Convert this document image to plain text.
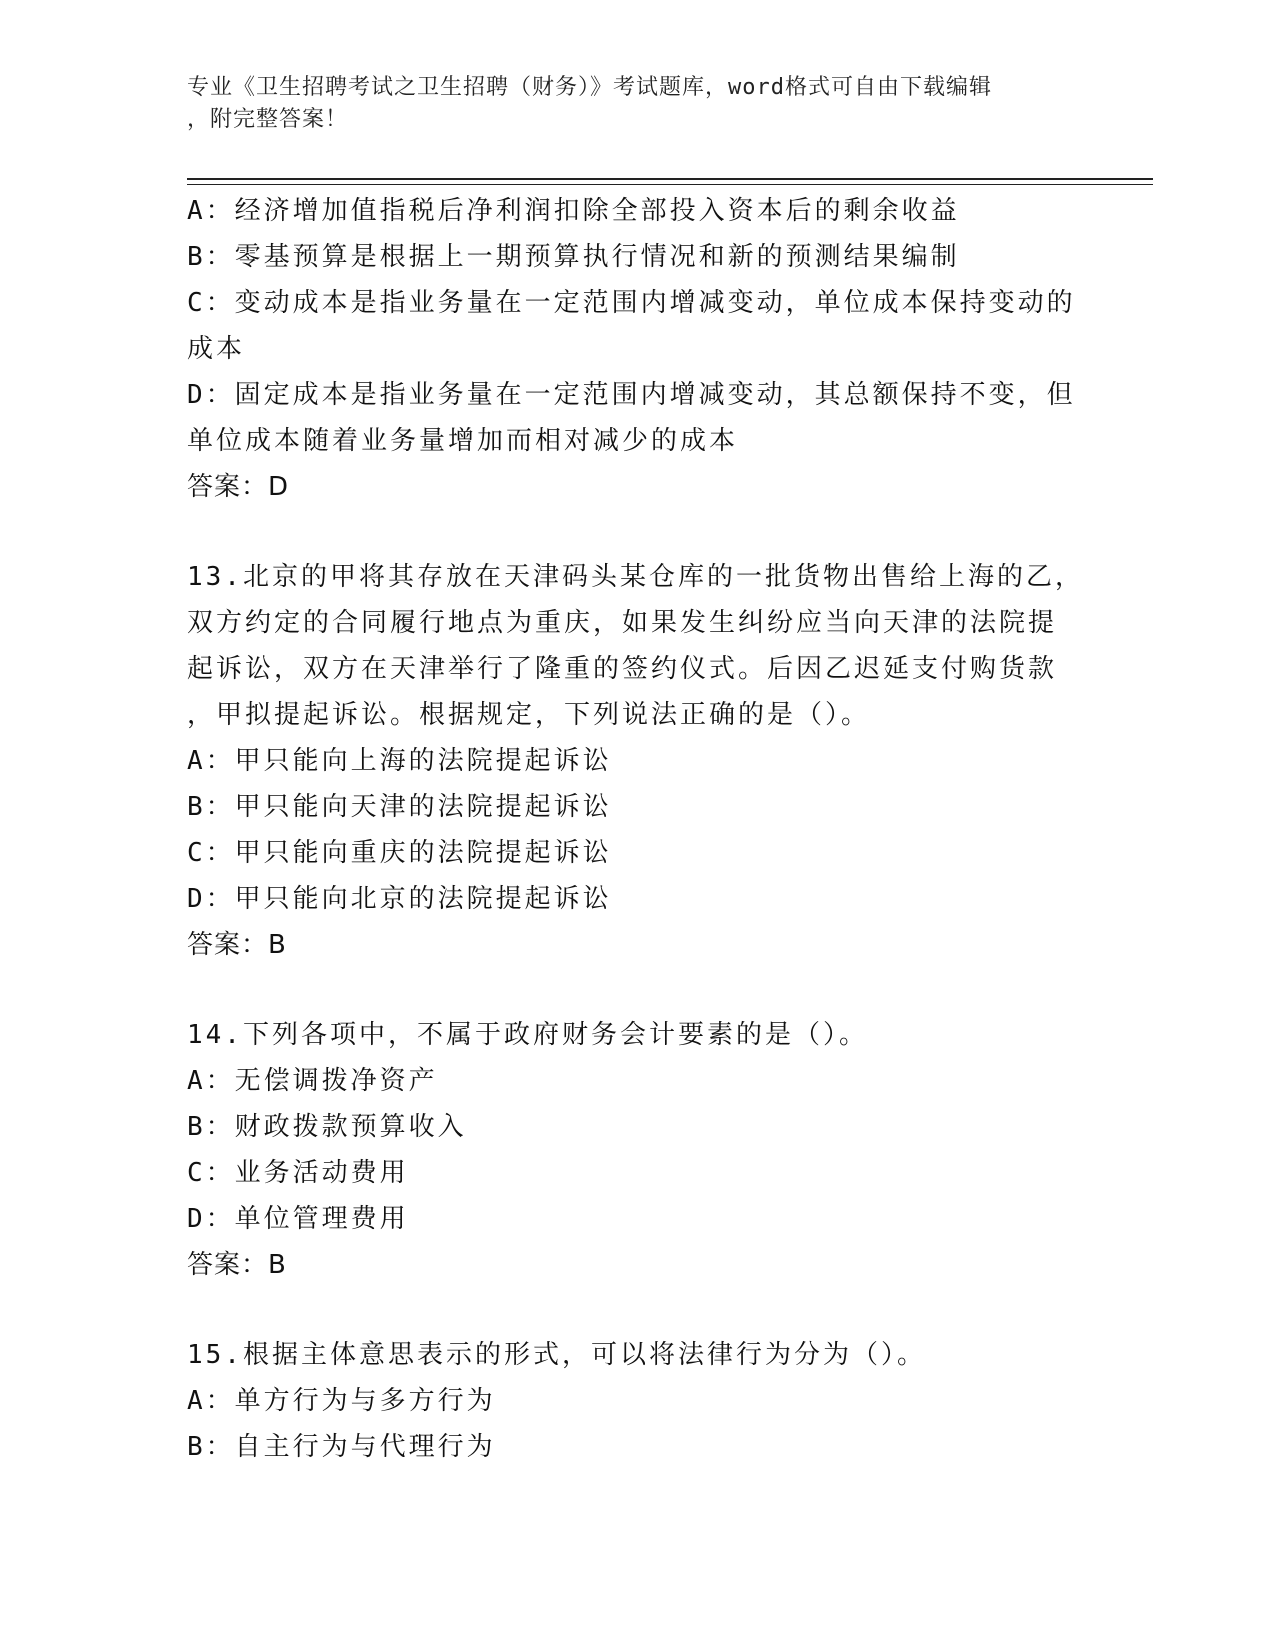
专业《卫生招聘考试之卫生招聘（财务）》考试题库，word格式可自由下载编辑
，附完整答案！
A：经济增加值指税后净利润扣除全部投入资本后的剩余收益
B：零基预算是根据上一期预算执行情况和新的预测结果编制
C：变动成本是指业务量在一定范围内增减变动，单位成本保持变动的
成本
D：固定成本是指业务量在一定范围内增减变动，其总额保持不变，但
单位成本随着业务量增加而相对减少的成本
答案：D
13.北京的甲将其存放在天津码头某仓库的一批货物出售给上海的乙，
双方约定的合同履行地点为重庆，如果发生纠纷应当向天津的法院提
起诉讼，双方在天津举行了隆重的签约仪式。后因乙迟延支付购货款
，甲拟提起诉讼。根据规定，下列说法正确的是（）。
A：甲只能向上海的法院提起诉讼
B：甲只能向天津的法院提起诉讼
C：甲只能向重庆的法院提起诉讼
D：甲只能向北京的法院提起诉讼
答案：B
14.下列各项中，不属于政府财务会计要素的是（）。
A：无偿调拨净资产
B：财政拨款预算收入
C：业务活动费用
D：单位管理费用
答案：B
15.根据主体意思表示的形式，可以将法律行为分为（）。
A：单方行为与多方行为
B：自主行为与代理行为
